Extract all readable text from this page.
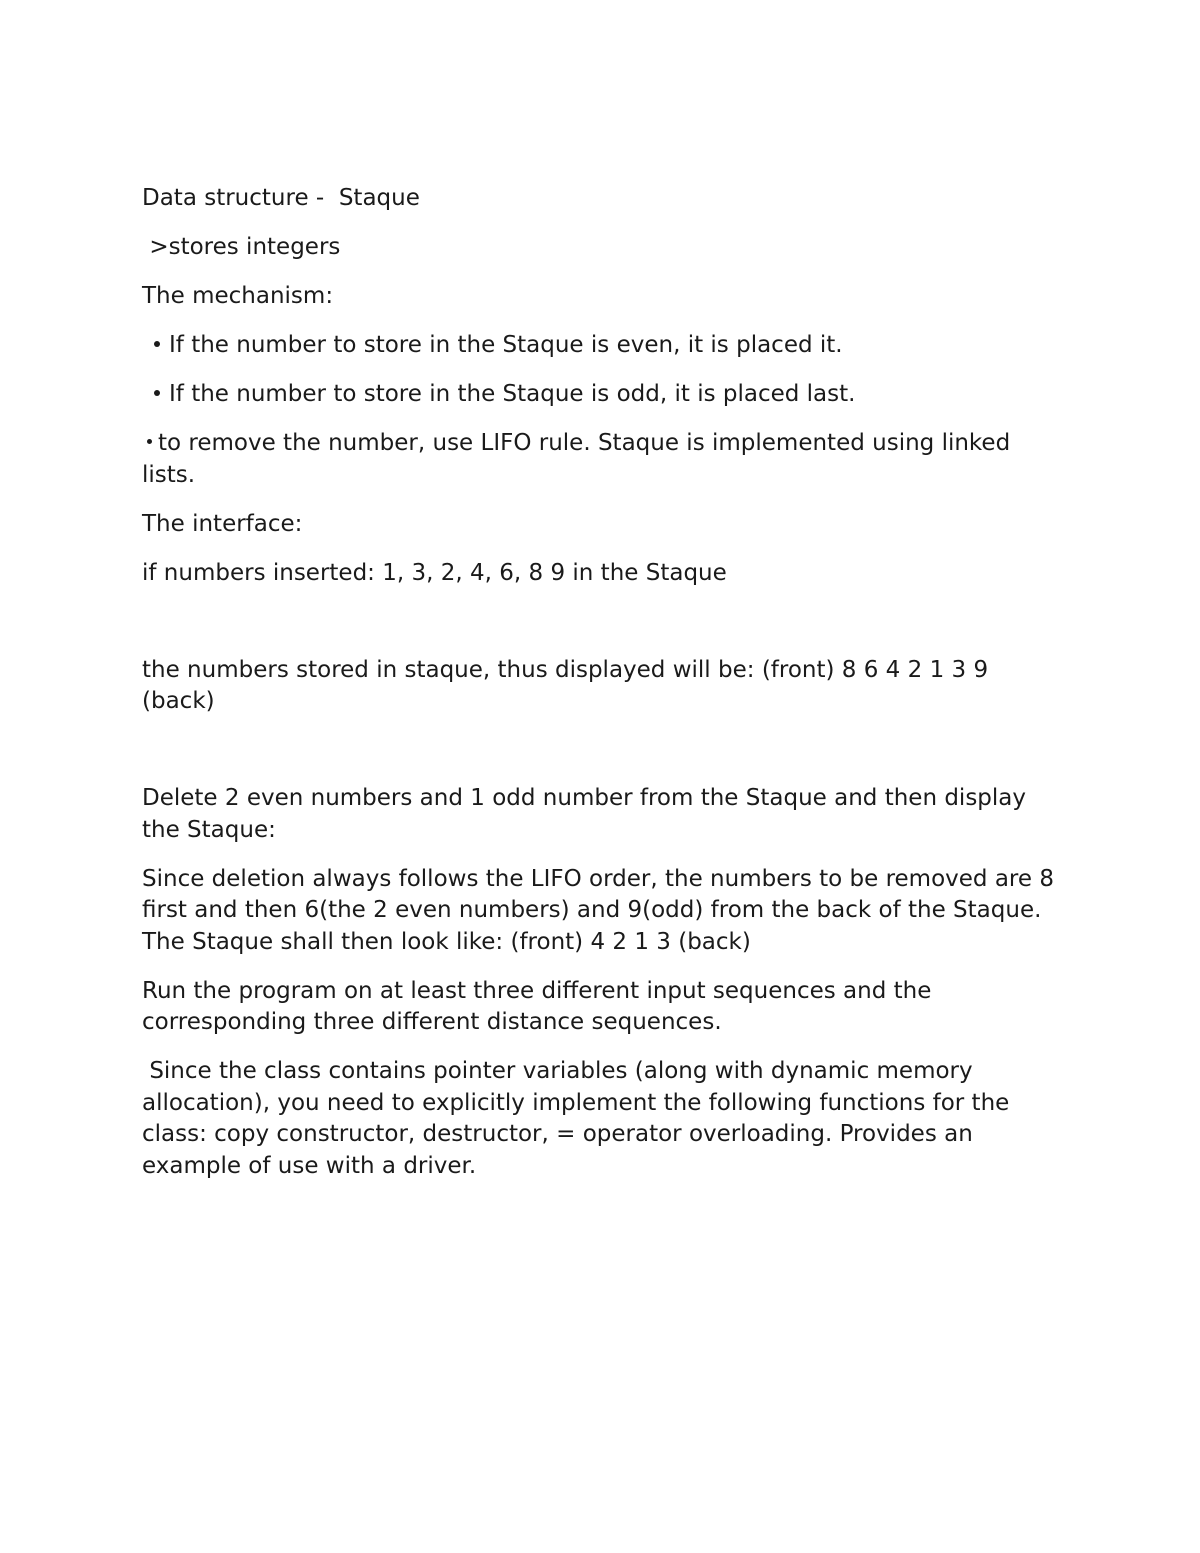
Data structure -  Staque

>stores integers

The mechanism:

If the number to store in the Staque is even, it is placed it.

If the number to store in the Staque is odd, it is placed last.

to remove the number, use LIFO rule. Staque is implemented using linked lists.

The interface:

if numbers inserted: 1, 3, 2, 4, 6, 8 9 in the Staque

the numbers stored in staque, thus displayed will be: (front) 8 6 4 2 1 3 9 (back)

Delete 2 even numbers and 1 odd number from the Staque and then display the Staque:

Since deletion always follows the LIFO order, the numbers to be removed are 8 first and then 6(the 2 even numbers) and 9(odd) from the back of the Staque. The Staque shall then look like: (front) 4 2 1 3 (back)

Run the program on at least three different input sequences and the corresponding three different distance sequences.

Since the class contains pointer variables (along with dynamic memory allocation), you need to explicitly implement the following functions for the class: copy constructor, destructor, = operator overloading. Provides an example of use with a driver.
